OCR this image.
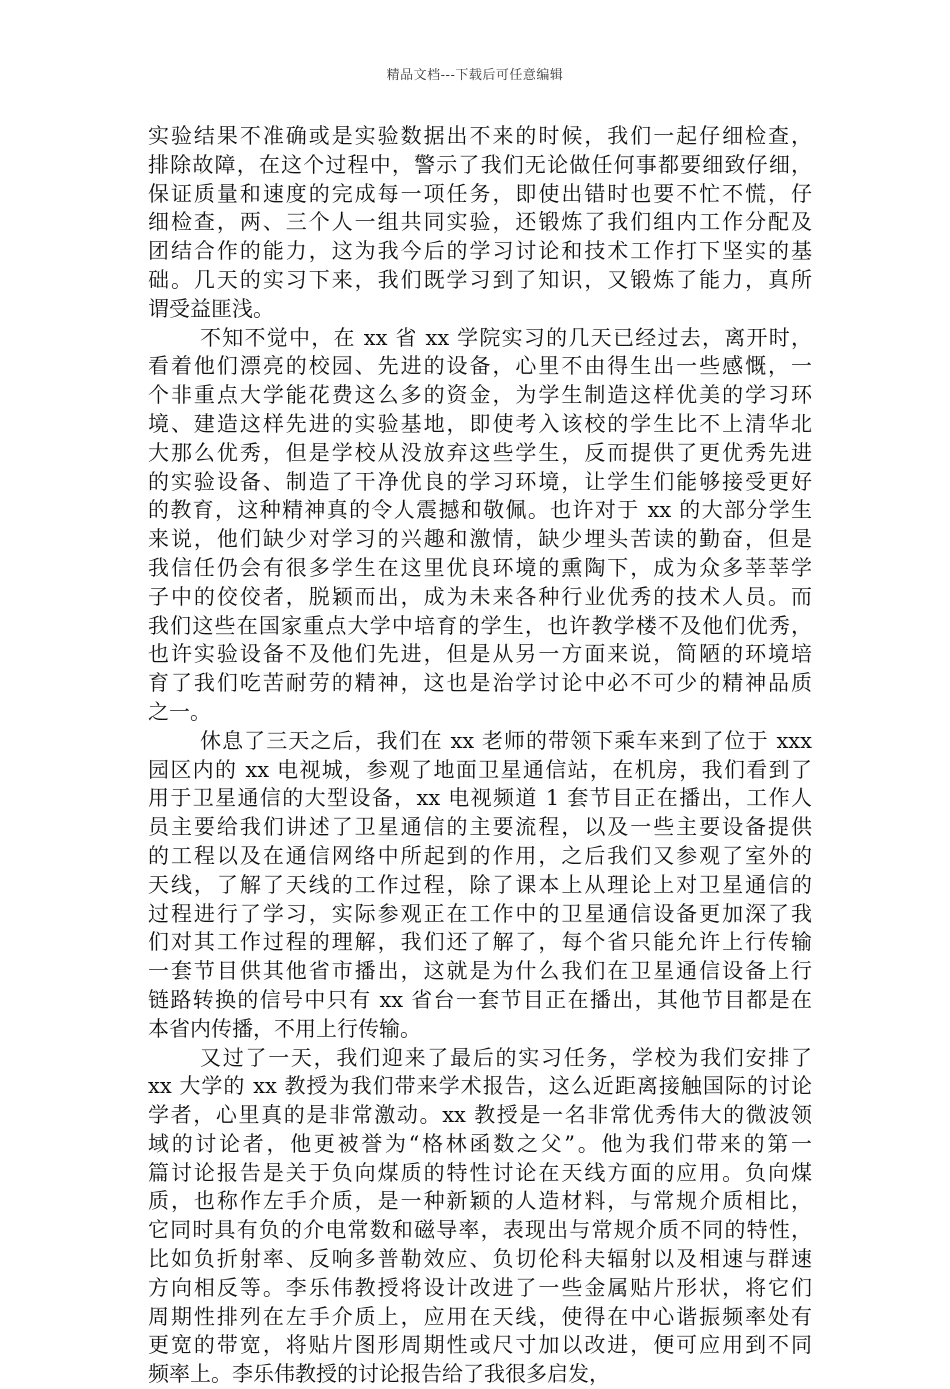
精品文档---下载后可任意编辑
实验结果不准确或是实验数据出不来的时候，我们一起仔细检查，
排除故障，在这个过程中，警示了我们无论做任何事都要细致仔细，
保证质量和速度的完成每一项任务，即使出错时也要不忙不慌，仔
细检查，两、三个人一组共同实验，还锻炼了我们组内工作分配及
团结合作的能力，这为我今后的学习讨论和技术工作打下坚实的基
础。几天的实习下来，我们既学习到了知识，又锻炼了能力，真所
谓受益匪浅。
不知不觉中，在 xx 省 xx 学院实习的几天已经过去，离开时，
看着他们漂亮的校园、先进的设备，心里不由得生出一些感慨，一
个非重点大学能花费这么多的资金，为学生制造这样优美的学习环
境、建造这样先进的实验基地，即使考入该校的学生比不上清华北
大那么优秀，但是学校从没放弃这些学生，反而提供了更优秀先进
的实验设备、制造了干净优良的学习环境，让学生们能够接受更好
的教育，这种精神真的令人震撼和敬佩。也许对于 xx 的大部分学生
来说，他们缺少对学习的兴趣和激情，缺少埋头苦读的勤奋，但是
我信任仍会有很多学生在这里优良环境的熏陶下，成为众多莘莘学
子中的佼佼者，脱颖而出，成为未来各种行业优秀的技术人员。而
我们这些在国家重点大学中培育的学生，也许教学楼不及他们优秀，
也许实验设备不及他们先进，但是从另一方面来说，简陋的环境培
育了我们吃苦耐劳的精神，这也是治学讨论中必不可少的精神品质
之一。
休息了三天之后，我们在 xx 老师的带领下乘车来到了位于 xxx
园区内的 xx 电视城，参观了地面卫星通信站，在机房，我们看到了
用于卫星通信的大型设备，xx 电视频道 1 套节目正在播出，工作人
员主要给我们讲述了卫星通信的主要流程，以及一些主要设备提供
的工程以及在通信网络中所起到的作用，之后我们又参观了室外的
天线，了解了天线的工作过程，除了课本上从理论上对卫星通信的
过程进行了学习，实际参观正在工作中的卫星通信设备更加深了我
们对其工作过程的理解，我们还了解了，每个省只能允许上行传输
一套节目供其他省市播出，这就是为什么我们在卫星通信设备上行
链路转换的信号中只有 xx 省台一套节目正在播出，其他节目都是在
本省内传播，不用上行传输。
又过了一天，我们迎来了最后的实习任务，学校为我们安排了
xx 大学的 xx 教授为我们带来学术报告，这么近距离接触国际的讨论
学者，心里真的是非常激动。xx 教授是一名非常优秀伟大的微波领
域的讨论者，他更被誉为“格林函数之父”。他为我们带来的第一
篇讨论报告是关于负向煤质的特性讨论在天线方面的应用。负向煤
质，也称作左手介质，是一种新颖的人造材料，与常规介质相比，
它同时具有负的介电常数和磁导率，表现出与常规介质不同的特性，
比如负折射率、反响多普勒效应、负切伦科夫辐射以及相速与群速
方向相反等。李乐伟教授将设计改进了一些金属贴片形状，将它们
周期性排列在左手介质上，应用在天线，使得在中心谐振频率处有
更宽的带宽，将贴片图形周期性或尺寸加以改进，便可应用到不同
频率上。李乐伟教授的讨论报告给了我很多启发，
